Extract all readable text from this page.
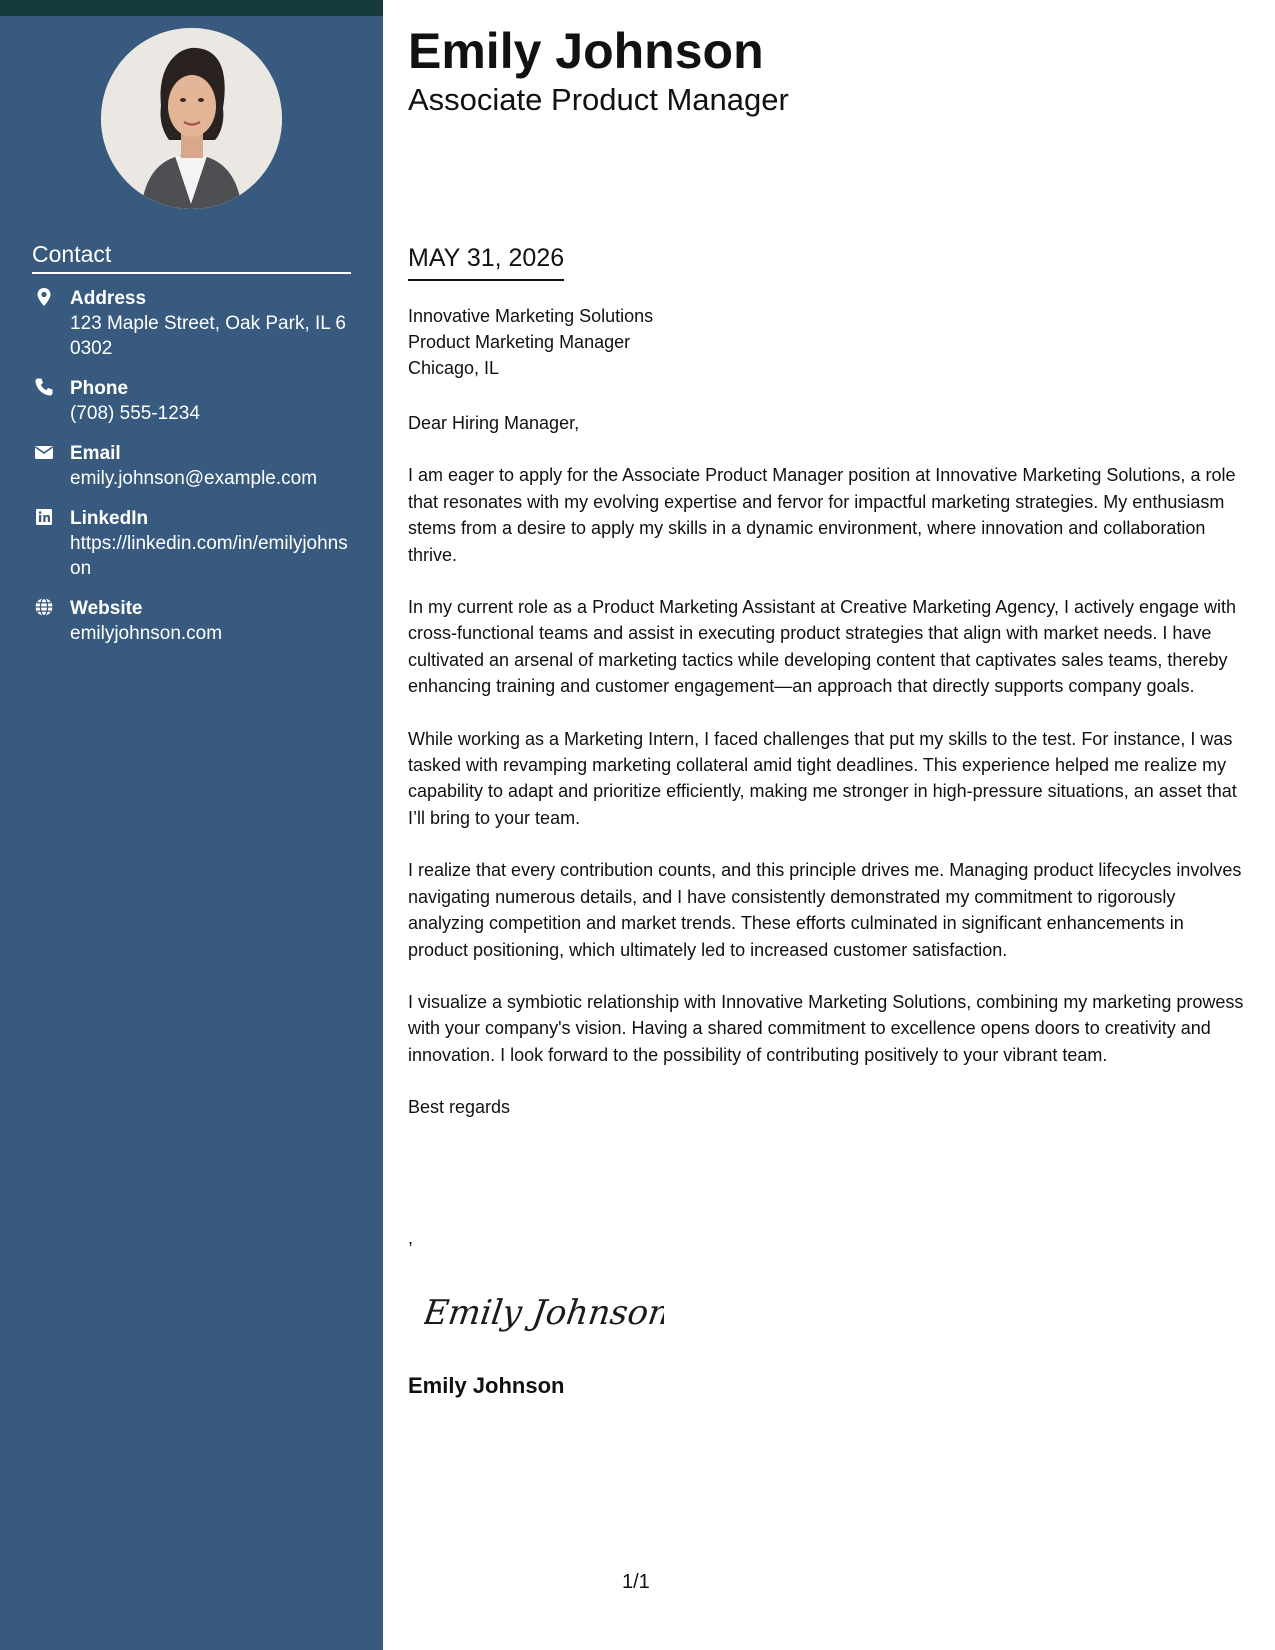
Contact
Address
123 Maple Street, Oak Park, IL 60302
Phone
(708) 555-1234
Email
emily.johnson@example.com
LinkedIn
https://linkedin.com/in/emilyjohnson
Website
emilyjohnson.com
Emily Johnson
Associate Product Manager
MAY 31, 2026
Innovative Marketing Solutions
Product Marketing Manager
Chicago, IL

Dear Hiring Manager,

I am eager to apply for the Associate Product Manager position at Innovative Marketing Solutions, a role that resonates with my evolving expertise and fervor for impactful marketing strategies. My enthusiasm stems from a desire to apply my skills in a dynamic environment, where innovation and collaboration thrive.

In my current role as a Product Marketing Assistant at Creative Marketing Agency, I actively engage with cross-functional teams and assist in executing product strategies that align with market needs. I have cultivated an arsenal of marketing tactics while developing content that captivates sales teams, thereby enhancing training and customer engagement—an approach that directly supports company goals.

While working as a Marketing Intern, I faced challenges that put my skills to the test. For instance, I was tasked with revamping marketing collateral amid tight deadlines. This experience helped me realize my capability to adapt and prioritize efficiently, making me stronger in high-pressure situations, an asset that I’ll bring to your team.

I realize that every contribution counts, and this principle drives me. Managing product lifecycles involves navigating numerous details, and I have consistently demonstrated my commitment to rigorously analyzing competition and market trends. These efforts culminated in significant enhancements in product positioning, which ultimately led to increased customer satisfaction.

I visualize a symbiotic relationship with Innovative Marketing Solutions, combining my marketing prowess with your company's vision. Having a shared commitment to excellence opens doors to creativity and innovation. I look forward to the possibility of contributing positively to your vibrant team.

Best regards

,
Emily Johnson
Emily Johnson
1/1
